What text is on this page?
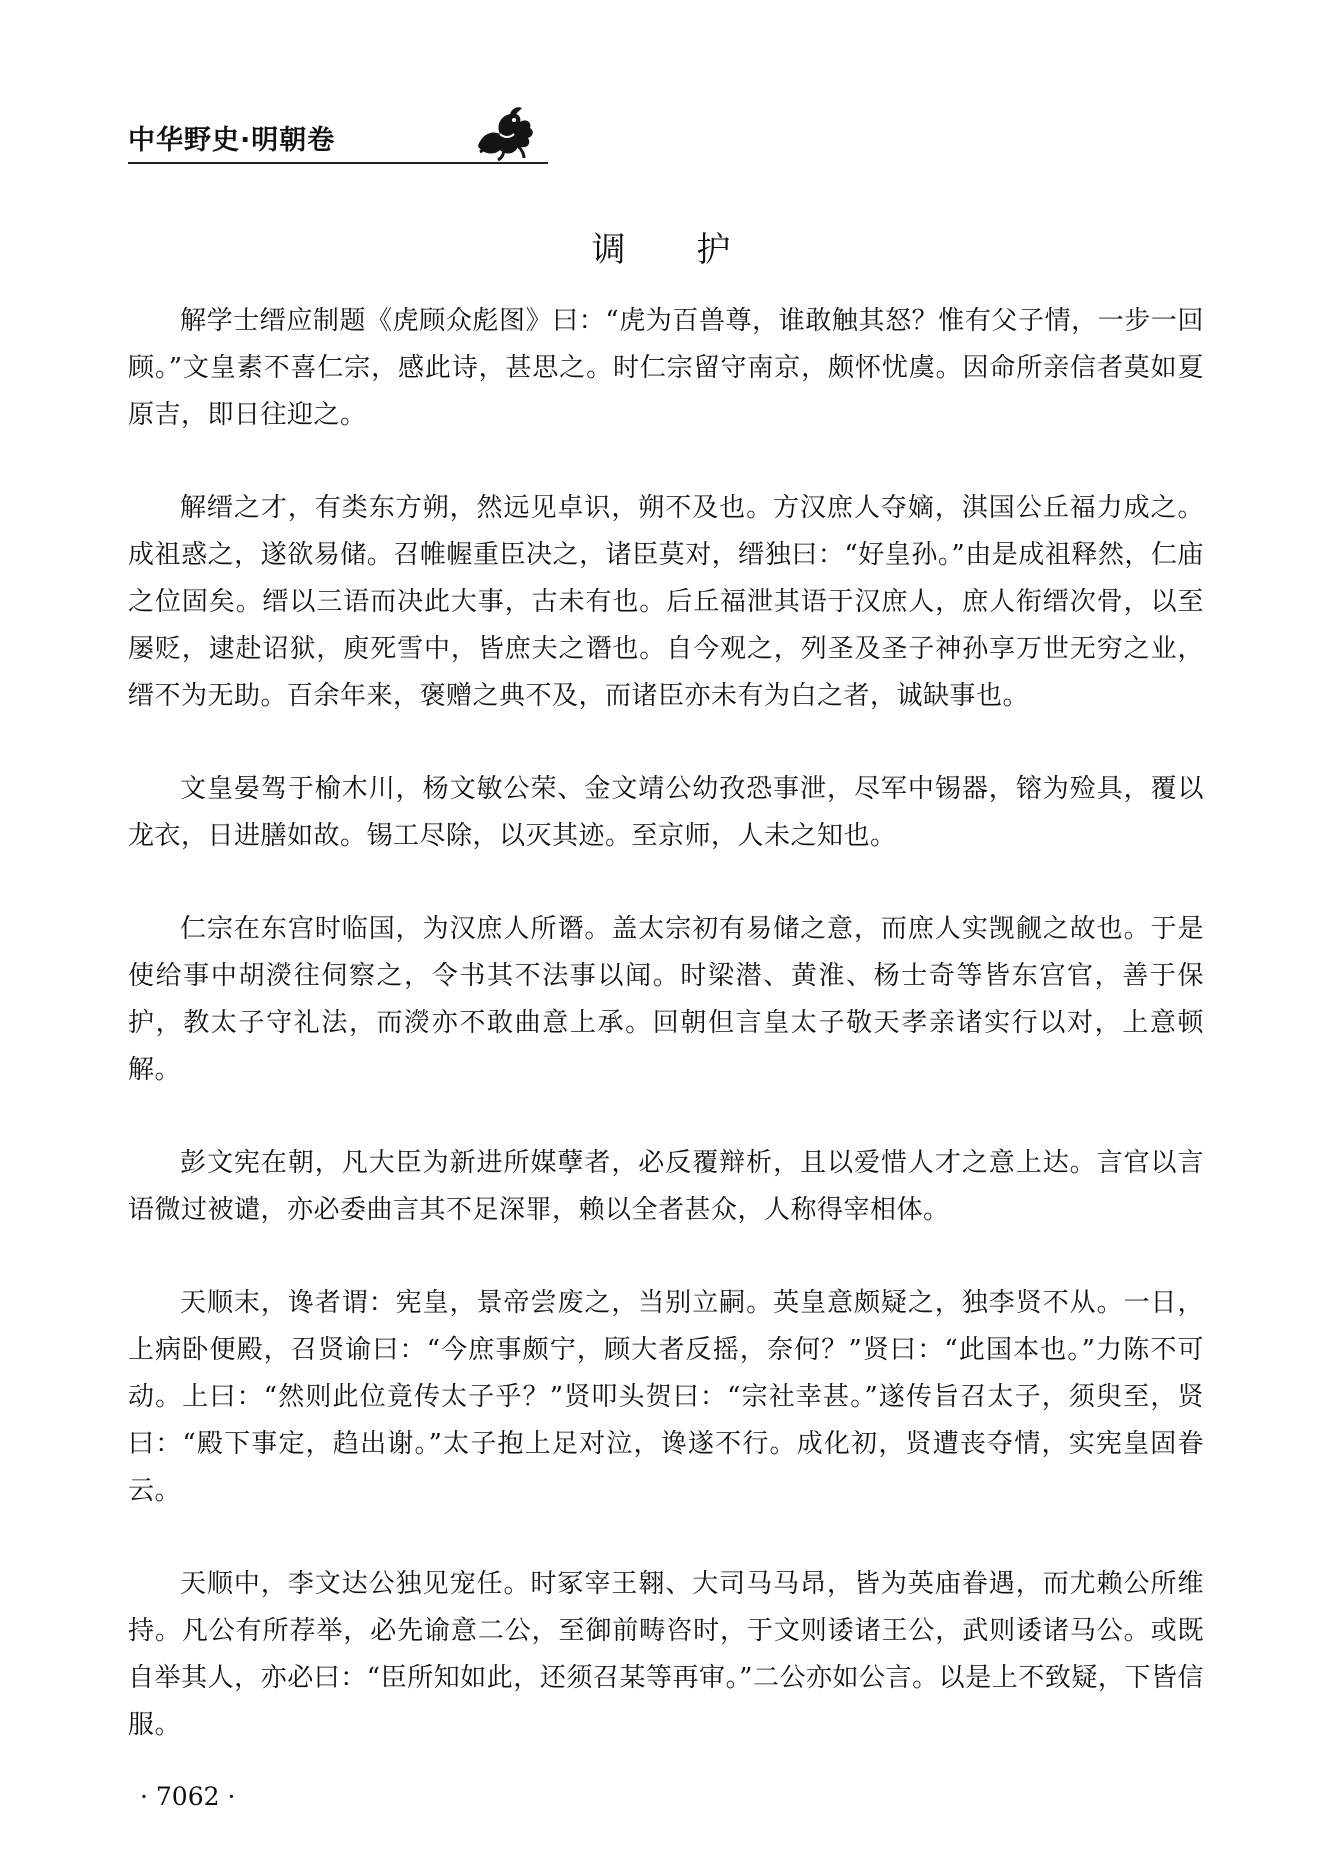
中华野史·明朝卷
调 护

解学士缙应制题《虎顾众彪图》曰：“虎为百兽尊，谁敢触其怒？惟有父子情，一步一回顾。”文皇素不喜仁宗，感此诗，甚思之。时仁宗留守南京，颇怀忧虞。因命所亲信者莫如夏原吉，即日往迎之。

解缙之才，有类东方朔，然远见卓识，朔不及也。方汉庶人夺嫡，淇国公丘福力成之。成祖惑之，遂欲易储。召帷幄重臣决之，诸臣莫对，缙独曰：“好皇孙。”由是成祖释然，仁庙之位固矣。缙以三语而决此大事，古未有也。后丘福泄其语于汉庶人，庶人衔缙次骨，以至屡贬，逮赴诏狱，庾死雪中，皆庶夫之谮也。自今观之，列圣及圣子神孙享万世无穷之业，缙不为无助。百余年来，褒赠之典不及，而诸臣亦未有为白之者，诚缺事也。

文皇晏驾于榆木川，杨文敏公荣、金文靖公幼孜恐事泄，尽军中锡器，镕为殓具，覆以龙衣，日进膳如故。锡工尽除，以灭其迹。至京师，人未之知也。

仁宗在东宫时临国，为汉庶人所谮。盖太宗初有易储之意，而庶人实觊觎之故也。于是使给事中胡濙往伺察之，令书其不法事以闻。时梁潜、黄淮、杨士奇等皆东宫官，善于保护，教太子守礼法，而濙亦不敢曲意上承。回朝但言皇太子敬天孝亲诸实行以对，上意顿解。

彭文宪在朝，凡大臣为新进所媒孽者，必反覆辩析，且以爱惜人才之意上达。言官以言语微过被谴，亦必委曲言其不足深罪，赖以全者甚众，人称得宰相体。

天顺末，谗者谓：宪皇，景帝尝废之，当别立嗣。英皇意颇疑之，独李贤不从。一日，上病卧便殿，召贤谕曰：“今庶事颇宁，顾大者反摇，奈何？”贤曰：“此国本也。”力陈不可动。上曰：“然则此位竟传太子乎？”贤叩头贺曰：“宗社幸甚。”遂传旨召太子，须臾至，贤曰：“殿下事定，趋出谢。”太子抱上足对泣，谗遂不行。成化初，贤遭丧夺情，实宪皇固眷云。

天顺中，李文达公独见宠任。时冢宰王翱、大司马马昂，皆为英庙眷遇，而尤赖公所维持。凡公有所荐举，必先谕意二公，至御前畴咨时，于文则诿诸王公，武则诿诸马公。或既自举其人，亦必曰：“臣所知如此，还须召某等再审。”二公亦如公言。以是上不致疑，下皆信服。

· 7062 ·
